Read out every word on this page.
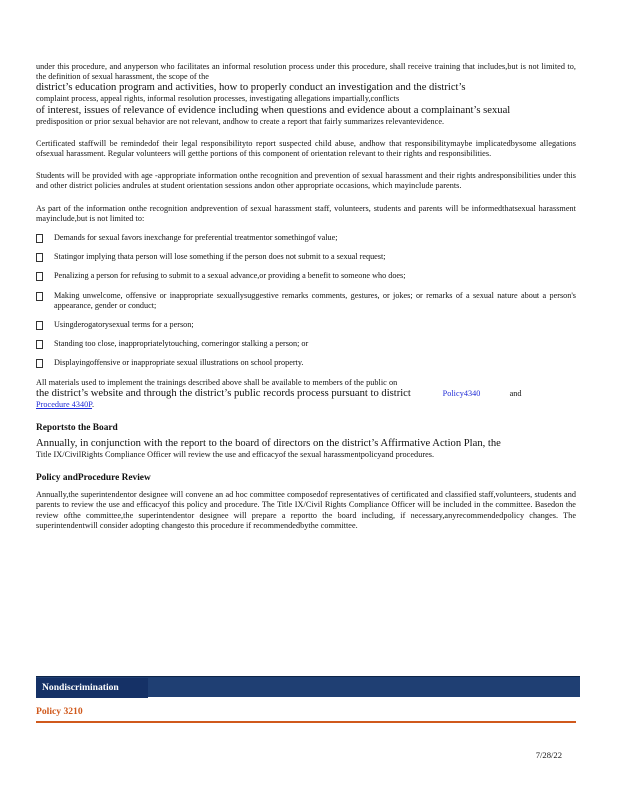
under this procedure, and anyperson who facilitates an informal resolution process under this procedure, shall receive training that includes,but is not limited to, the definition of sexual harassment, the scope of the

district’s education program and activities, how to properly conduct an investigation and the district’s

complaint process, appeal rights, informal resolution processes, investigating allegations impartially,conflicts

of interest, issues of relevance of evidence including when questions and evidence about a complainant’s sexual

predisposition or prior sexual behavior are not relevant, andhow to create a report that fairly summarizes relevantevidence.

Certificated staffwill be remindedof their legal responsibilityto report suspected child abuse, andhow that responsibilitymaybe implicatedbysome allegations ofsexual harassment. Regular volunteers will getthe portions of this component of orientation relevant to their rights and responsibilities.

Students will be provided with age -appropriate information onthe recognition and prevention of sexual harassment and their rights andresponsibilities under this and other district policies andrules at student orientation sessions andon other appropriate occasions, which mayinclude parents.

As part of the information onthe recognition andprevention of sexual harassment staff, volunteers, students and parents will be informedthatsexual harassment mayinclude,but is not limited to:

Demands for sexual favors inexchange for preferential treatmentor somethingof value;
Statingor implying thata person will lose something if the person does not submit to a sexual request;
Penalizing a person for refusing to submit to a sexual advance,or providing a benefit to someone who does;
Making unwelcome, offensive or inappropriate sexuallysuggestive remarks comments, gestures, or jokes; or remarks of a sexual nature about a person's appearance, gender or conduct;
Usingderogatorysexual terms for a person;
Standing too close, inappropriatelytouching, corneringor stalking a person; or
Displayingoffensive or inappropriate sexual illustrations on school property.

All materials used to implement the trainings described above shall be available to members of the public on

the district’s website and through the district’s public records process pursuant to district	Policy4340	and

Procedure 4340P.

Reportsto the Board

Annually, in conjunction with the report to the board of directors on the district’s Affirmative Action Plan, the

Title IX/CivilRights Compliance Officer will review the use and efficacyof the sexual harassmentpolicyand procedures.

Policy andProcedure Review

Annually,the superintendentor designee will convene an ad hoc committee composedof representatives of certificated and classified staff,volunteers, students and parents to review the use and efficacyof this policy and procedure. The Title IX/Civil Rights Compliance Officer will be included in the committee. Basedon the review ofthe committee,the superintendentor designee will prepare a reportto the board including, if necessary,anyrecommendedpolicy changes. The superintendentwill consider adopting changesto this procedure if recommendedbythe committee.

Nondiscrimination
Policy 3210
7/28/22
